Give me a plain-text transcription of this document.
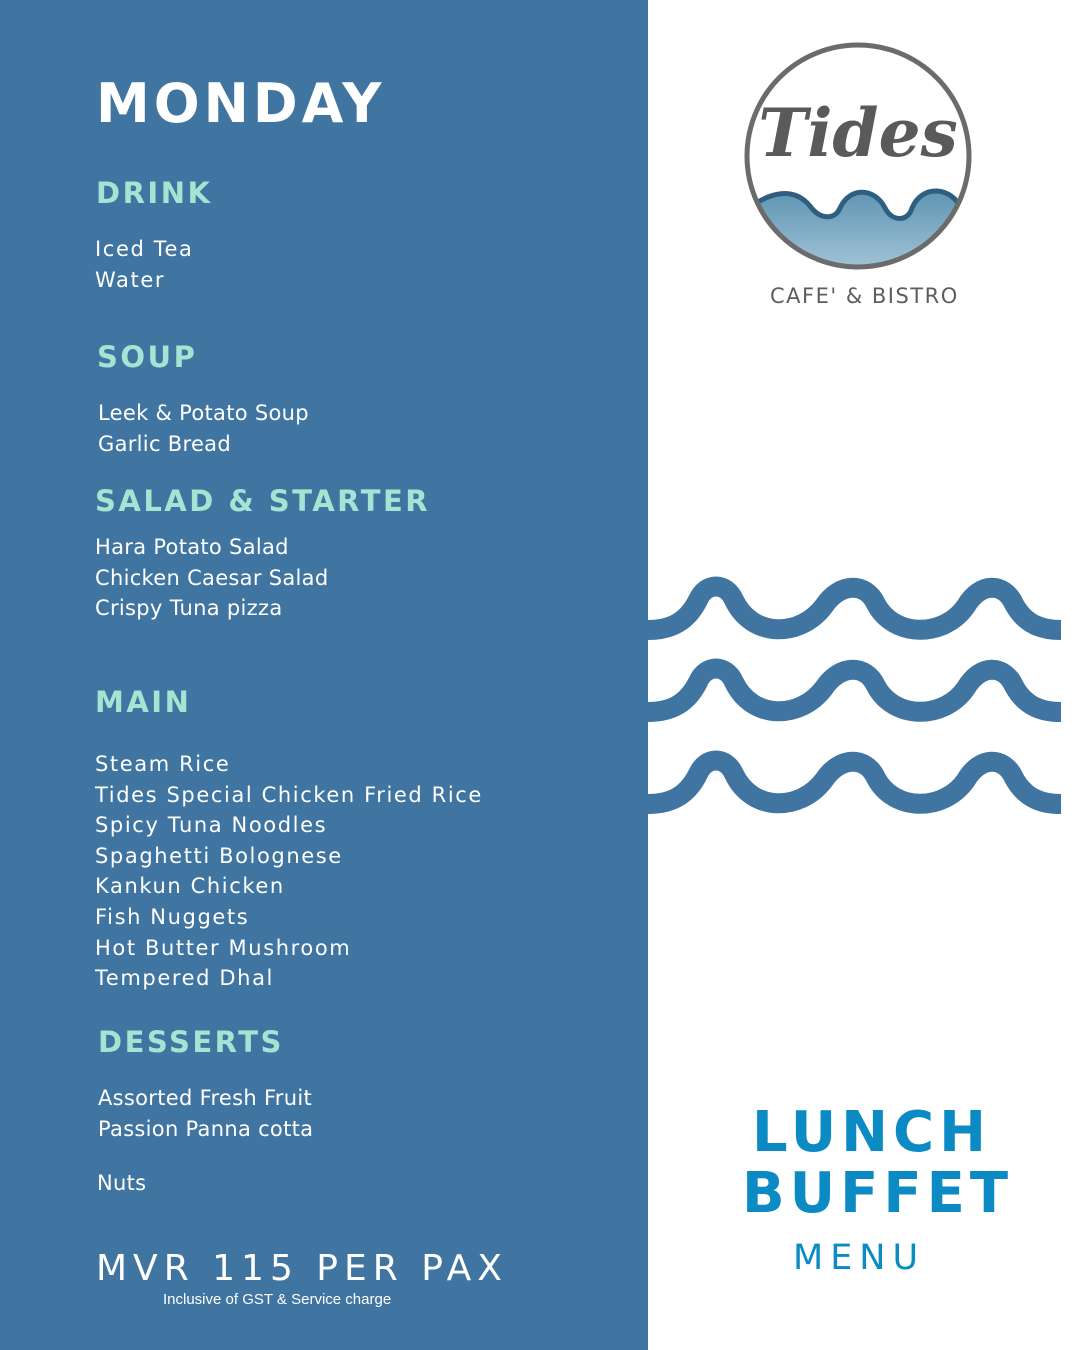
MONDAY
DRINK
Iced Tea
Water
SOUP
Leek & Potato Soup
Garlic Bread
SALAD & STARTER
Hara Potato Salad
Chicken Caesar Salad
Crispy Tuna pizza
MAIN
Steam Rice
Tides Special Chicken Fried Rice
Spicy Tuna Noodles
Spaghetti Bolognese
Kankun Chicken
Fish Nuggets
Hot Butter Mushroom
Tempered Dhal
DESSERTS
Assorted Fresh Fruit
Passion Panna cotta
Nuts
MVR 115 PER PAX
Inclusive of GST & Service charge
Tides
CAFE' & BISTRO
LUNCH
BUFFET
MENU
